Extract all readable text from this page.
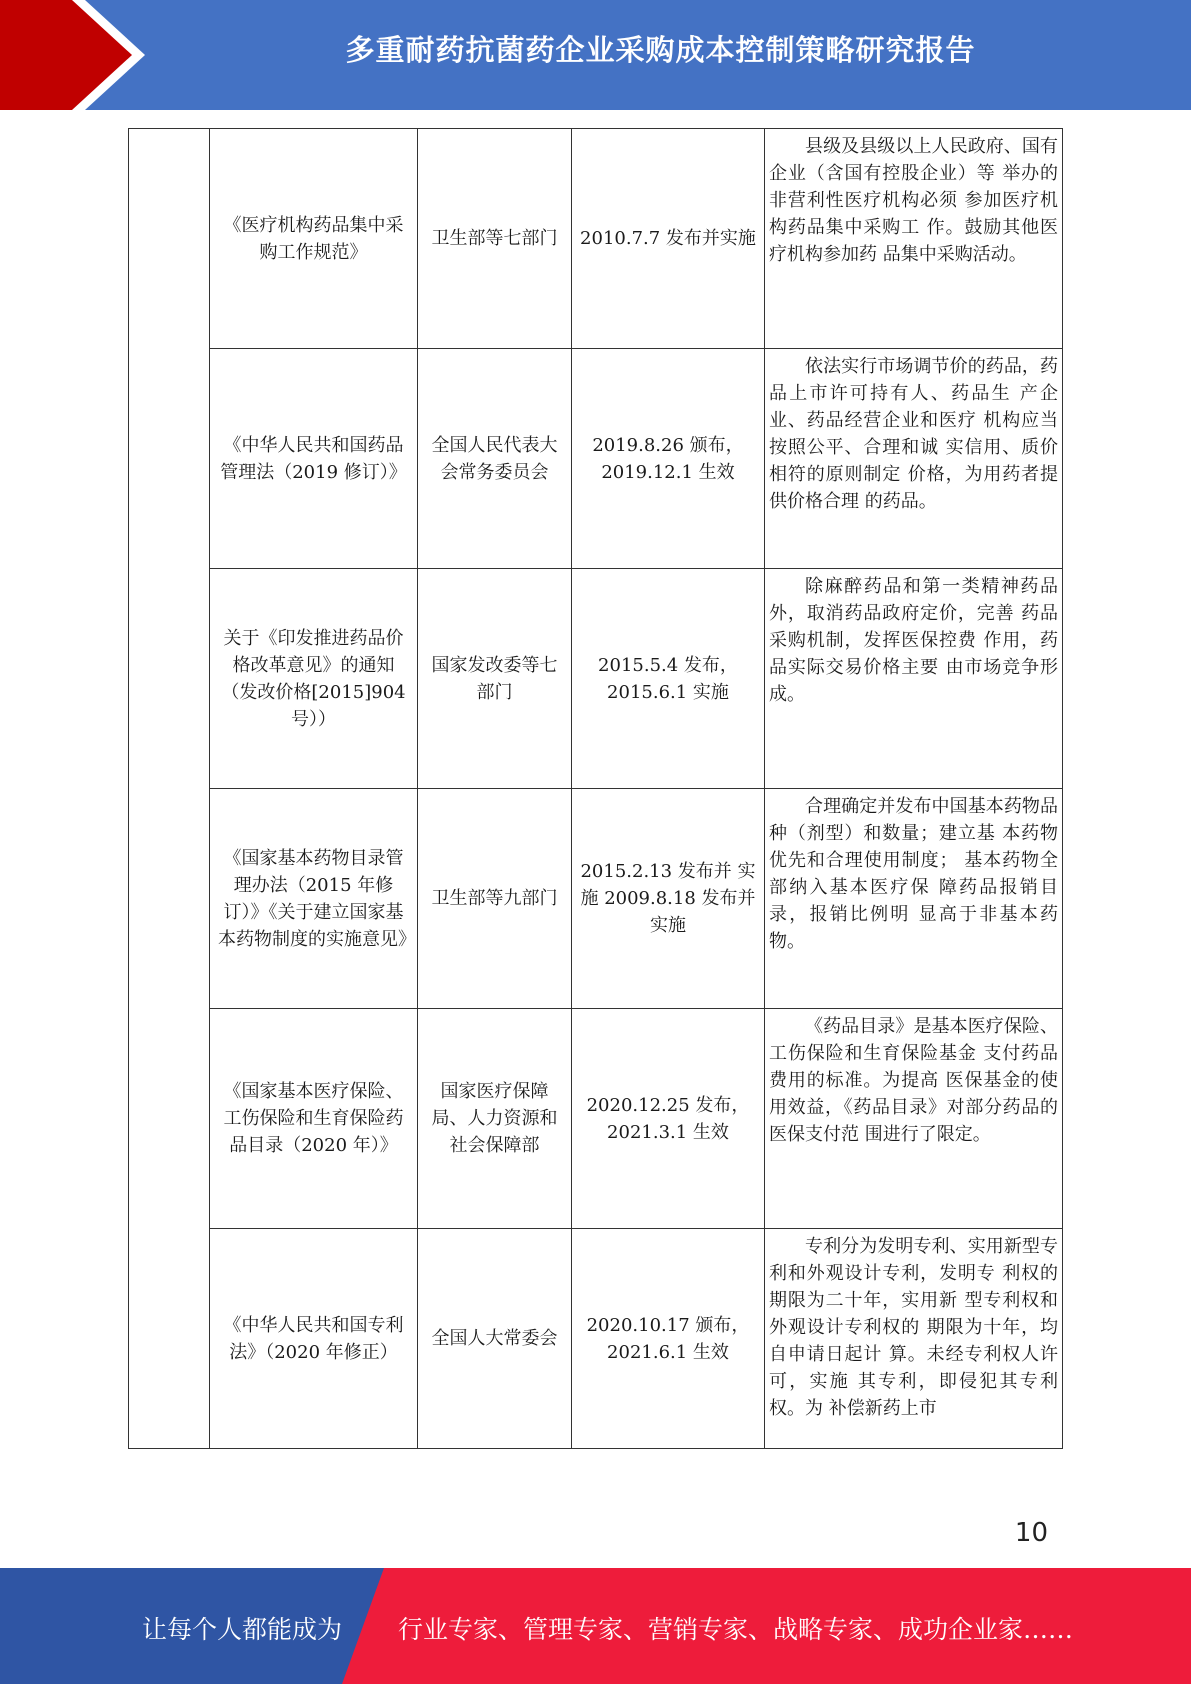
多重耐药抗菌药企业采购成本控制策略研究报告
	《医疗机构药品集中采购工作规范》	卫生部等七部门	2010.7.7 发布并实施	县级及县级以上人民政府、国有企业（含国有控股企业）等 举办的非营利性医疗机构必须 参加医疗机构药品集中采购工 作。鼓励其他医疗机构参加药 品集中采购活动。
	《中华人民共和国药品管理法（2019 修订）》	全国人民代表大会常务委员会	2019.8.26 颁布，2019.12.1 生效	依法实行市场调节价的药品，药品上市许可持有人、药品生 产企业、药品经营企业和医疗 机构应当按照公平、合理和诚 实信用、质价相符的原则制定 价格，为用药者提供价格合理 的药品。
	关于《印发推进药品价格改革意见》的通知（发改价格[2015]904 号））	国家发改委等七部门	2015.5.4 发布，2015.6.1 实施	除麻醉药品和第一类精神药品外，取消药品政府定价，完善 药品采购机制，发挥医保控费 作用，药品实际交易价格主要 由市场竞争形成。
	《国家基本药物目录管理办法（2015 年修订）》《关于建立国家基本药物制度的实施意见》	卫生部等九部门	2015.2.13 发布并 实施 2009.8.18 发布并 实施	合理确定并发布中国基本药物品种（剂型）和数量；建立基 本药物优先和合理使用制度； 基本药物全部纳入基本医疗保 障药品报销目录，报销比例明 显高于非基本药物。
	《国家基本医疗保险、工伤保险和生育保险药品目录（2020 年）》	国家医疗保障局、人力资源和社会保障部	2020.12.25 发布，2021.3.1 生效	《药品目录》是基本医疗保险、工伤保险和生育保险基金 支付药品费用的标准。为提高 医保基金的使用效益，《药品目录》对部分药品的医保支付范 围进行了限定。
	《中华人民共和国专利法》（2020 年修正）	全国人大常委会	2020.10.17 颁布，2021.6.1 生效	专利分为发明专利、实用新型专利和外观设计专利，发明专 利权的期限为二十年，实用新 型专利权和外观设计专利权的 期限为十年，均自申请日起计 算。未经专利权人许可，实施 其专利，即侵犯其专利权。为 补偿新药上市
10
让每个人都能成为 行业专家、管理专家、营销专家、战略专家、成功企业家……
